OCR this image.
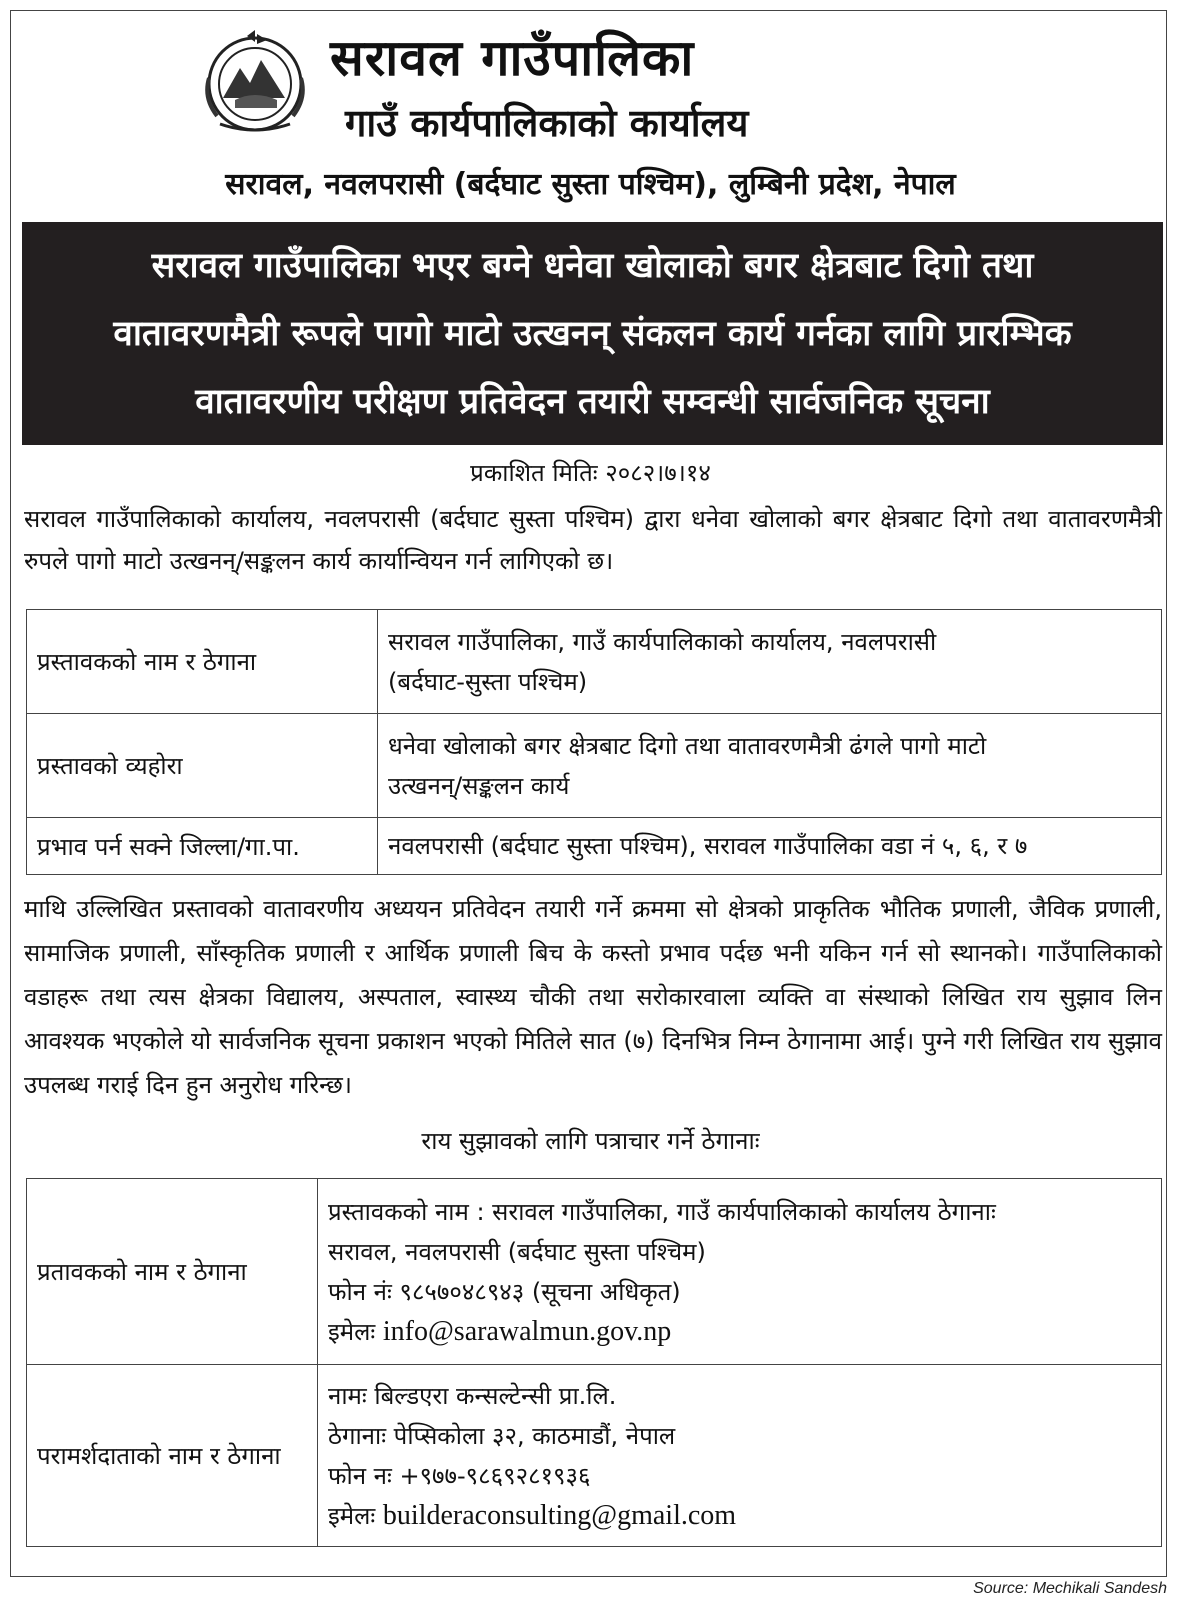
सरावल गाउँपालिका
गाउँ कार्यपालिकाको कार्यालय
सरावल, नवलपरासी (बर्दघाट सुस्ता पश्चिम), लुम्बिनी प्रदेश, नेपाल
सरावल गाउँपालिका भएर बग्ने धनेवा खोलाको बगर क्षेत्रबाट दिगो तथा
वातावरणमैत्री रूपले पागो माटो उत्खनन् संकलन कार्य गर्नका लागि प्रारम्भिक
वातावरणीय परीक्षण प्रतिवेदन तयारी सम्वन्धी सार्वजनिक सूचना
प्रकाशित मितिः २०८२।७।१४
सरावल गाउँपालिकाको कार्यालय, नवलपरासी (बर्दघाट सुस्ता पश्चिम) द्वारा धनेवा खोलाको बगर क्षेत्रबाट दिगो तथा वातावरणमैत्री रुपले पागो माटो उत्खनन्/सङ्कलन कार्य कार्यान्वियन गर्न लागिएको छ।
प्रस्तावकको नाम र ठेगाना	सरावल गाउँपालिका, गाउँ कार्यपालिकाको कार्यालय, नवलपरासी
(बर्दघाट-सुस्ता पश्चिम)

प्रस्तावको व्यहोरा	धनेवा खोलाको बगर क्षेत्रबाट दिगो तथा वातावरणमैत्री ढंगले पागो माटो
उत्खनन्/सङ्कलन कार्य

प्रभाव पर्न सक्ने जिल्ला/गा.पा.	नवलपरासी (बर्दघाट सुस्ता पश्चिम), सरावल गाउँपालिका वडा नं ५, ६, र ७
माथि उल्लिखित प्रस्तावको वातावरणीय अध्ययन प्रतिवेदन तयारी गर्ने क्रममा सो क्षेत्रको प्राकृतिक भौतिक प्रणाली, जैविक प्रणाली, सामाजिक प्रणाली, साँस्कृतिक प्रणाली र आर्थिक प्रणाली बिच के कस्तो प्रभाव पर्दछ भनी यकिन गर्न सो स्थानको। गाउँपालिकाको वडाहरू तथा त्यस क्षेत्रका विद्यालय, अस्पताल, स्वास्थ्य चौकी तथा सरोकारवाला व्यक्ति वा संस्थाको लिखित राय सुझाव लिन आवश्यक भएकोले यो सार्वजनिक सूचना प्रकाशन भएको मितिले सात (७) दिनभित्र निम्न ठेगानामा आई। पुग्ने गरी लिखित राय सुझाव उपलब्ध गराई दिन हुन अनुरोध गरिन्छ।
राय सुझावको लागि पत्राचार गर्ने ठेगानाः
प्रतावकको नाम र ठेगाना	प्रस्तावकको नाम : सरावल गाउँपालिका, गाउँ कार्यपालिकाको कार्यालय ठेगानाः
सरावल, नवलपरासी (बर्दघाट सुस्ता पश्चिम)
फोन नंः ९८५७०४८९४३ (सूचना अधिकृत)
इमेलः info@sarawalmun.gov.np

परामर्शदाताको नाम र ठेगाना	नामः बिल्डएरा कन्सल्टेन्सी प्रा.लि.
ठेगानाः पेप्सिकोला ३२, काठमाडौं, नेपाल
फोन नः +९७७-९८६९२८१९३६
इमेलः builderaconsulting@gmail.com
Source: Mechikali Sandesh
